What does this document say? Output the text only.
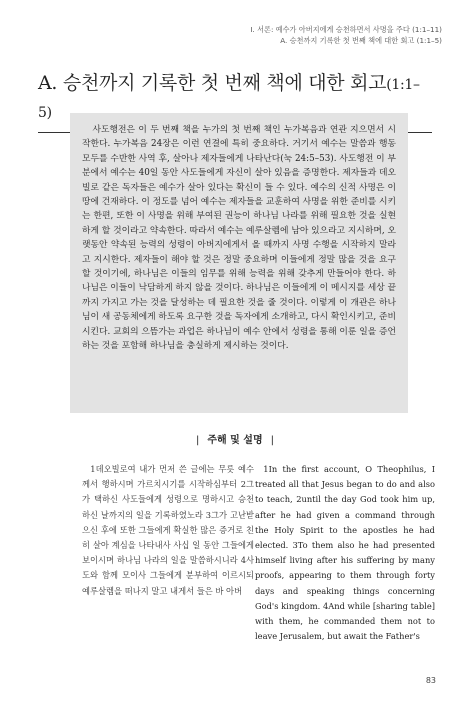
I. 서론: 예수가 아버지에게 승천하면서 사명을 주다 (1:1–11)
A. 승천까지 기록한 첫 번째 책에 대한 회고 (1:1–5)
A. 승천까지 기록한 첫 번째 책에 대한 회고(1:1–5)

사도행전은 이 두 번째 책을 누가의 첫 번째 책인 누가복음과 연관 지으면서 시작한다. 누가복음 24장은 이런 연결에 특히 중요하다. 거기서 예수는 말씀과 행동 모두를 수반한 사역 후, 살아나 제자들에게 나타난다(눅 24:5–53). 사도행전 이 부분에서 예수는 40일 동안 사도들에게 자신이 살아 있음을 증명한다. 제자들과 데오빌로 같은 독자들은 예수가 살아 있다는 확신이 들 수 있다. 예수의 신적 사명은 이 땅에 건재하다. 이 정도를 넘어 예수는 제자들을 교훈하여 사명을 위한 준비를 시키는 한편, 또한 이 사명을 위해 부여된 권능이 하나님 나라를 위해 필요한 것을 실현하게 할 것이라고 약속한다. 따라서 예수는 예루살렘에 남아 있으라고 지시하며, 오랫동안 약속된 능력의 성령이 아버지에게서 올 때까지 사명 수행을 시작하지 말라고 지시한다. 제자들이 해야 할 것은 정말 중요하며 이들에게 정말 많을 것을 요구할 것이기에, 하나님은 이들의 임무를 위해 능력을 위해 갖추게 만들어야 한다. 하나님은 이들이 낙담하게 하지 않을 것이다. 하나님은 이들에게 이 메시지를 세상 끝까지 가지고 가는 것을 달성하는 데 필요한 것을 줄 것이다. 이렇게 이 개관은 하나님이 새 공동체에게 하도록 요구한 것을 독자에게 소개하고, 다시 확인시키고, 준비시킨다. 교회의 으뜸가는 과업은 하나님이 예수 안에서 성령을 통해 이룬 일을 증언하는 것을 포함해 하나님을 충실하게 제시하는 것이다.

| 주해 및 설명 |

1데오빌로여 내가 먼저 쓴 글에는 무릇 예수께서 행하시며 가르치시기를 시작하심부터 2그가 택하신 사도들에게 성령으로 명하시고 승천하신 날까지의 일을 기록하였노라 3그가 고난받으신 후에 또한 그들에게 확실한 많은 증거로 친히 살아 계심을 나타내사 사십 일 동안 그들에게 보이시며 하나님 나라의 일을 말씀하시니라 4사도와 함께 모이사 그들에게 분부하여 이르시되 예루살렘을 떠나지 말고 내게서 들은 바 아버

1In the first account, O Theophilus, I treated all that Jesus began to do and also to teach, 2until the day God took him up, after he had given a command through the Holy Spirit to the apostles he had elected. 3To them also he had presented himself living after his suffering by many proofs, appearing to them through forty days and speaking things concerning God's kingdom. 4And while [sharing table] with them, he commanded them not to leave Jerusalem, but await the Father's

83
